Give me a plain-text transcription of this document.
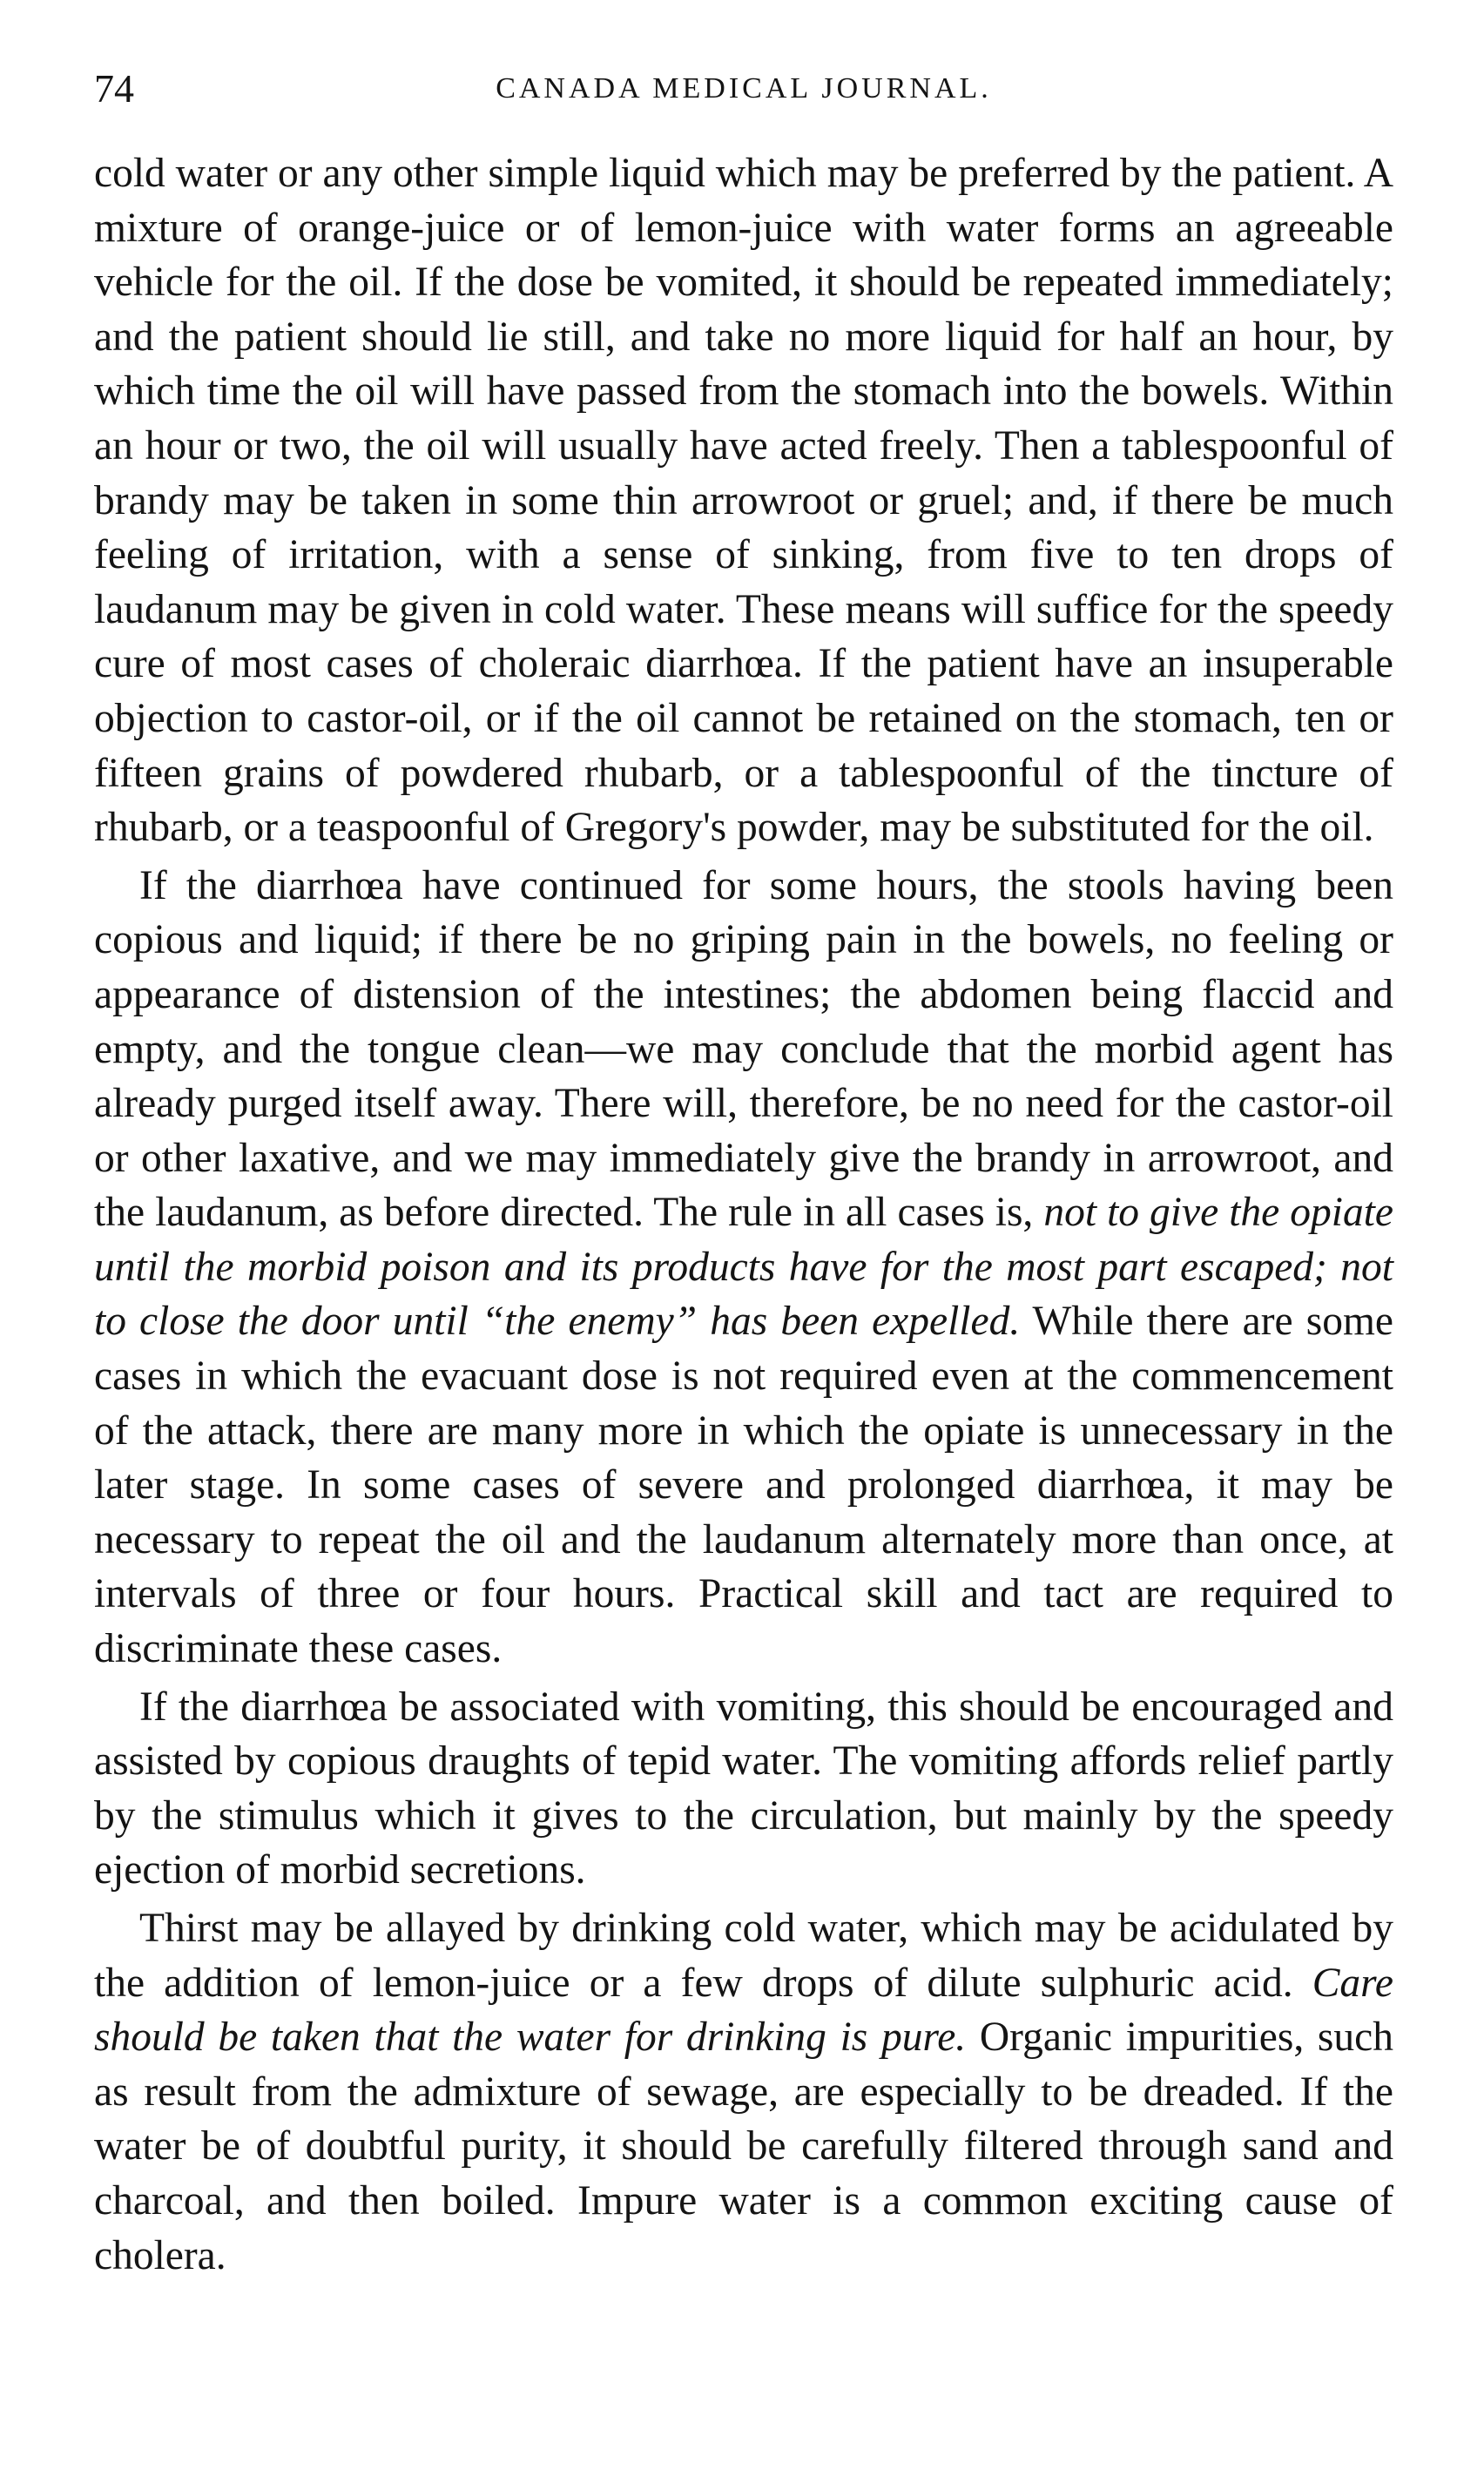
74	CANADA MEDICAL JOURNAL.

cold water or any other simple liquid which may be preferred by the patient. A mixture of orange-juice or of lemon-juice with water forms an agreeable vehicle for the oil. If the dose be vomited, it should be repeated immediately; and the patient should lie still, and take no more liquid for half an hour, by which time the oil will have passed from the stomach into the bowels. Within an hour or two, the oil will usually have acted freely. Then a tablespoonful of brandy may be taken in some thin arrowroot or gruel; and, if there be much feeling of irritation, with a sense of sinking, from five to ten drops of laudanum may be given in cold water. These means will suffice for the speedy cure of most cases of choleraic diarrhœa. If the patient have an insuperable objection to castor-oil, or if the oil cannot be retained on the stomach, ten or fifteen grains of powdered rhubarb, or a tablespoonful of the tincture of rhubarb, or a teaspoonful of Gregory's powder, may be substituted for the oil.

If the diarrhœa have continued for some hours, the stools having been copious and liquid; if there be no griping pain in the bowels, no feeling or appearance of distension of the intestines; the abdomen being flaccid and empty, and the tongue clean—we may conclude that the morbid agent has already purged itself away. There will, therefore, be no need for the castor-oil or other laxative, and we may immediately give the brandy in arrowroot, and the laudanum, as before directed. The rule in all cases is, not to give the opiate until the morbid poison and its products have for the most part escaped; not to close the door until “the enemy” has been expelled. While there are some cases in which the evacuant dose is not required even at the commencement of the attack, there are many more in which the opiate is unnecessary in the later stage. In some cases of severe and prolonged diarrhœa, it may be necessary to repeat the oil and the laudanum alternately more than once, at intervals of three or four hours. Practical skill and tact are required to discriminate these cases.

If the diarrhœa be associated with vomiting, this should be encouraged and assisted by copious draughts of tepid water. The vomiting affords relief partly by the stimulus which it gives to the circulation, but mainly by the speedy ejection of morbid secretions.

Thirst may be allayed by drinking cold water, which may be acidulated by the addition of lemon-juice or a few drops of dilute sulphuric acid. Care should be taken that the water for drinking is pure. Organic impurities, such as result from the admixture of sewage, are especially to be dreaded. If the water be of doubtful purity, it should be carefully filtered through sand and charcoal, and then boiled. Impure water is a common exciting cause of cholera.
